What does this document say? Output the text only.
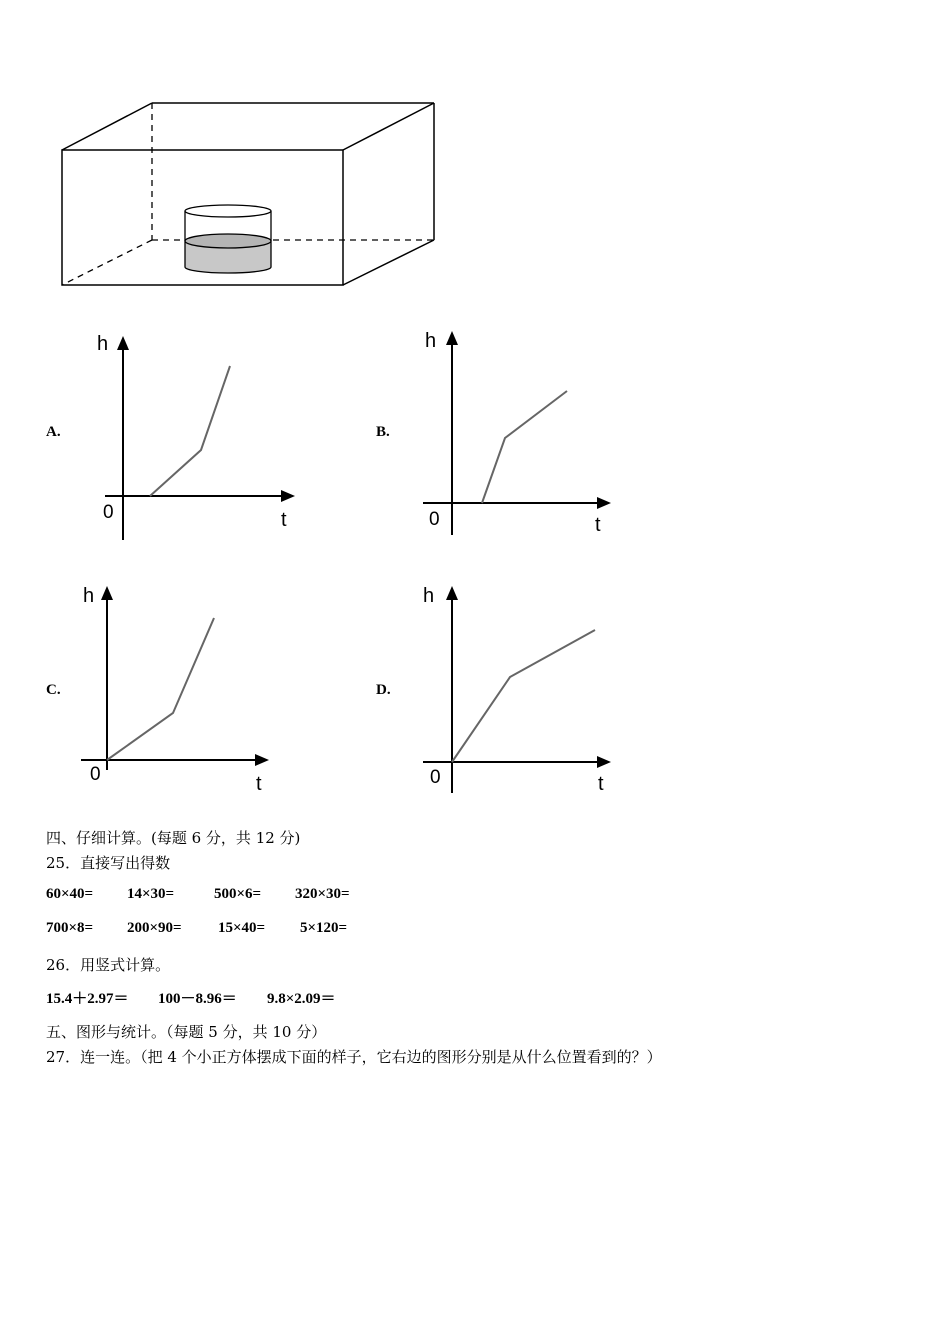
A.
h
t
0
B.
h
t
0
C.
h
t
0
D.
h
t
0
四、仔细计算。(每题 6 分，共 12 分)
25．直接写出得数
60×40= 14×30=	500×6= 320×30=
700×8= 200×90= 15×40= 5×120=
26．用竖式计算。
15.4＋2.97＝ 100－8.96＝ 9.8×2.09＝
五、图形与统计。（每题 5 分，共 10 分）
27．连一连。（把 4 个小正方体摆成下面的样子，它右边的图形分别是从什么位置看到的？）
